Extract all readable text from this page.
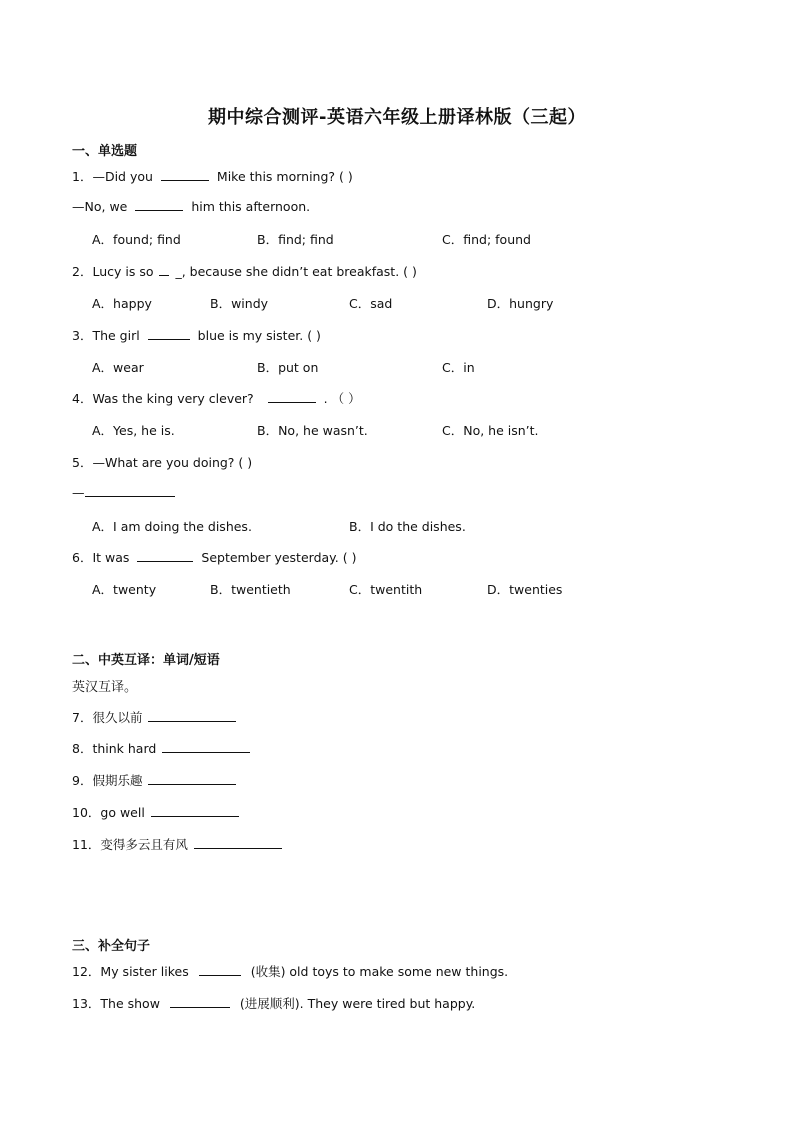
期中综合测评-英语六年级上册译林版（三起）
一、单选题
1．—Did you	Mike this morning? ( )
—No, we	him this afternoon.
A．found; find	B．find; find	C．find; found
2．Lucy is so _, because she didn’t eat breakfast. ( )
A．happy	B．windy	C．sad	D．hungry
3．The girl	blue is my sister. ( )
A．wear	B．put on	C．in
4．Was the king very clever?	. （ ）
A．Yes, he is.	B．No, he wasn’t.	C．No, he isn’t.
5．—What are you doing? ( )
—
A．I am doing the dishes.	B．I do the dishes.
6．It was	September yesterday. ( )
A．twenty	B．twentieth	C．twentith	D．twenties
二、中英互译：单词/短语
英汉互译。
7．很久以前
8．think hard
9．假期乐趣
10．go well
11．变得多云且有风
三、补全句子
12．My sister likes	(收集) old toys to make some new things.
13．The show	(进展顺利). They were tired but happy.
